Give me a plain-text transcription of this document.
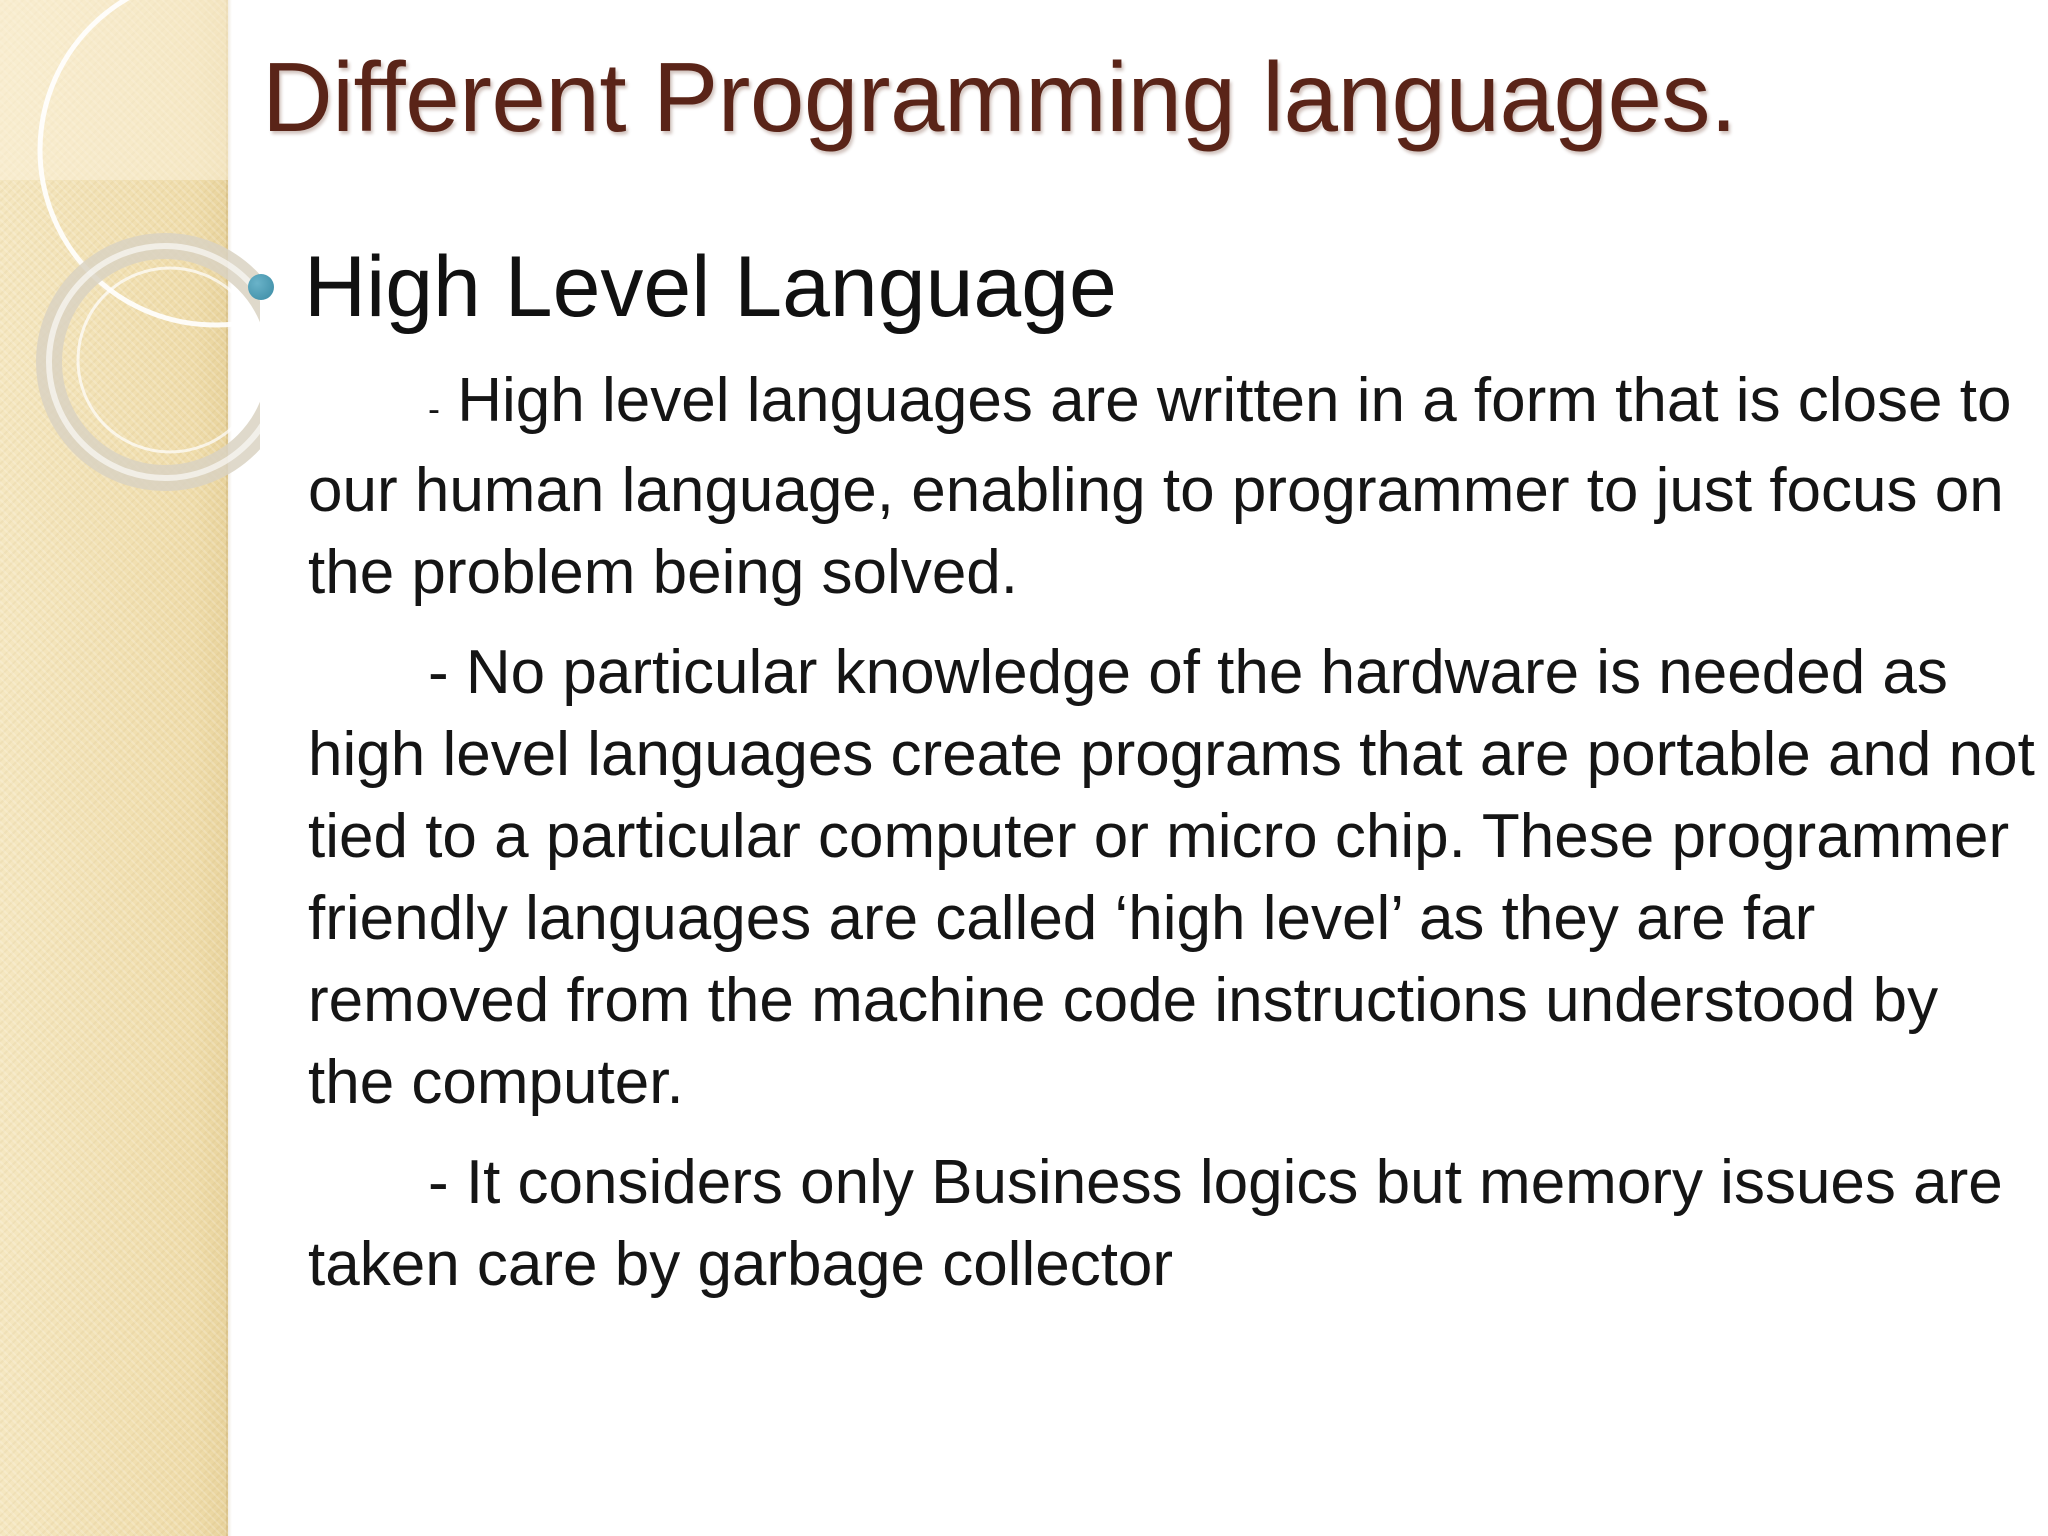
Different Programming languages.
High Level Language

- High level languages are written in a form that is close to our human language, enabling to programmer to just focus on the problem being solved.

- No particular knowledge of the hardware is needed as high level languages create programs that are portable and not tied to a particular computer or micro chip. These programmer friendly languages are called ‘high level’ as they are far removed from the machine code instructions understood by the computer.

- It considers only Business logics but memory issues are taken care by garbage collector
